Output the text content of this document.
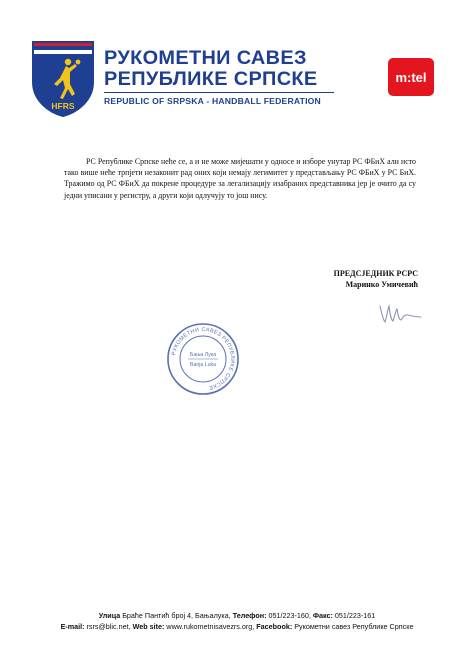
HFRS
РУКОМЕТНИ САВЕЗ
РЕПУБЛИКЕ СРПСКЕ
REPUBLIC OF SRPSKA - HANDBALL FEDERATION
m:tel

РС Републике Српске неће се, а и не може мијешати у односе и изборе унутар РС ФБиХ али исто тако више неће трпјети незаконит рад оних који немају легимитет у представљању РС ФБиХ у РС БиХ. Тражимо од РС ФБиХ да покрене процедуре за легализацију изабраних представника јер је очито да су једни уписани у регистру, а други који одлучују то још нису.

ПРЕДСЈЕДНИК РСРС
Маринко Умичевић
РУКОМЕТНИ САВЕЗ РЕПУБЛИКЕ СРПСКЕ
Бања Лука
Banja Luka
Улица Браће Пантић број 4, Бањалука, Телефон: 051/223-160, Факс: 051/223-161
E-mail: rsrs@blic.net, Web site: www.rukometnisavezrs.org, Facebook: Рукометни савез Републике Српске
